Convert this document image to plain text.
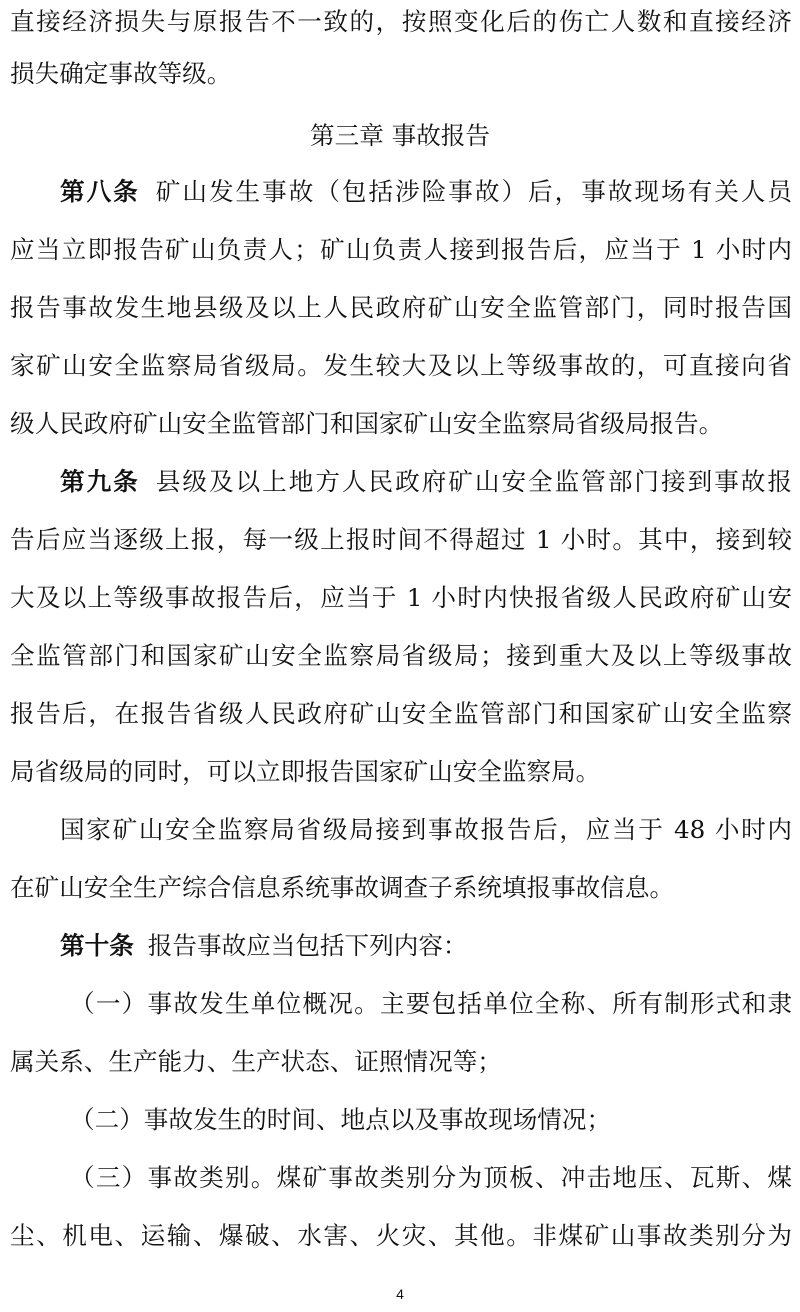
直接经济损失与原报告不一致的，按照变化后的伤亡人数和直接经济
损失确定事故等级。
第三章 事故报告
第八条 矿山发生事故（包括涉险事故）后，事故现场有关人员
应当立即报告矿山负责人；矿山负责人接到报告后，应当于 1 小时内
报告事故发生地县级及以上人民政府矿山安全监管部门，同时报告国
家矿山安全监察局省级局。发生较大及以上等级事故的，可直接向省
级人民政府矿山安全监管部门和国家矿山安全监察局省级局报告。
第九条 县级及以上地方人民政府矿山安全监管部门接到事故报
告后应当逐级上报，每一级上报时间不得超过 1 小时。其中，接到较
大及以上等级事故报告后，应当于 1 小时内快报省级人民政府矿山安
全监管部门和国家矿山安全监察局省级局；接到重大及以上等级事故
报告后，在报告省级人民政府矿山安全监管部门和国家矿山安全监察
局省级局的同时，可以立即报告国家矿山安全监察局。
国家矿山安全监察局省级局接到事故报告后，应当于 48 小时内
在矿山安全生产综合信息系统事故调查子系统填报事故信息。
第十条 报告事故应当包括下列内容：
（一）事故发生单位概况。主要包括单位全称、所有制形式和隶
属关系、生产能力、生产状态、证照情况等；
（二）事故发生的时间、地点以及事故现场情况；
（三）事故类别。煤矿事故类别分为顶板、冲击地压、瓦斯、煤
尘、机电、运输、爆破、水害、火灾、其他。非煤矿山事故类别分为
4
